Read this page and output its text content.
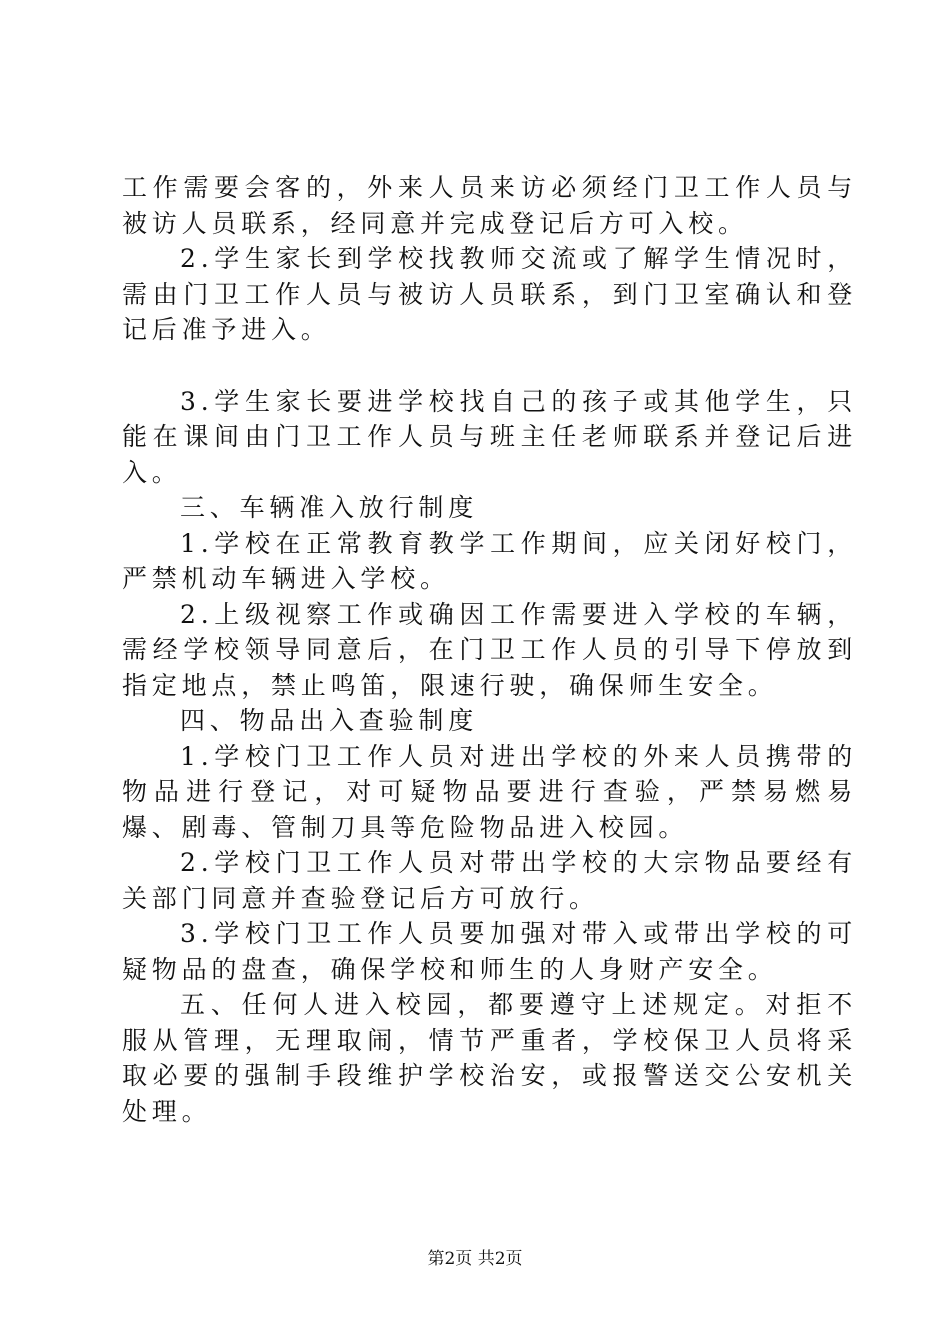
工作需要会客的，外来人员来访必须经门卫工作人员与被访人员联系，经同意并完成登记后方可入校。

2.学生家长到学校找教师交流或了解学生情况时，需由门卫工作人员与被访人员联系，到门卫室确认和登记后准予进入。

3.学生家长要进学校找自己的孩子或其他学生，只能在课间由门卫工作人员与班主任老师联系并登记后进入。

三、车辆准入放行制度

1.学校在正常教育教学工作期间，应关闭好校门，严禁机动车辆进入学校。

2.上级视察工作或确因工作需要进入学校的车辆，需经学校领导同意后，在门卫工作人员的引导下停放到指定地点，禁止鸣笛，限速行驶，确保师生安全。

四、物品出入查验制度

1.学校门卫工作人员对进出学校的外来人员携带的物品进行登记，对可疑物品要进行查验，严禁易燃易爆、剧毒、管制刀具等危险物品进入校园。

2.学校门卫工作人员对带出学校的大宗物品要经有关部门同意并查验登记后方可放行。

3.学校门卫工作人员要加强对带入或带出学校的可疑物品的盘查，确保学校和师生的人身财产安全。

五、任何人进入校园，都要遵守上述规定。对拒不服从管理，无理取闹，情节严重者，学校保卫人员将采取必要的强制手段维护学校治安，或报警送交公安机关处理。

第2页 共2页
